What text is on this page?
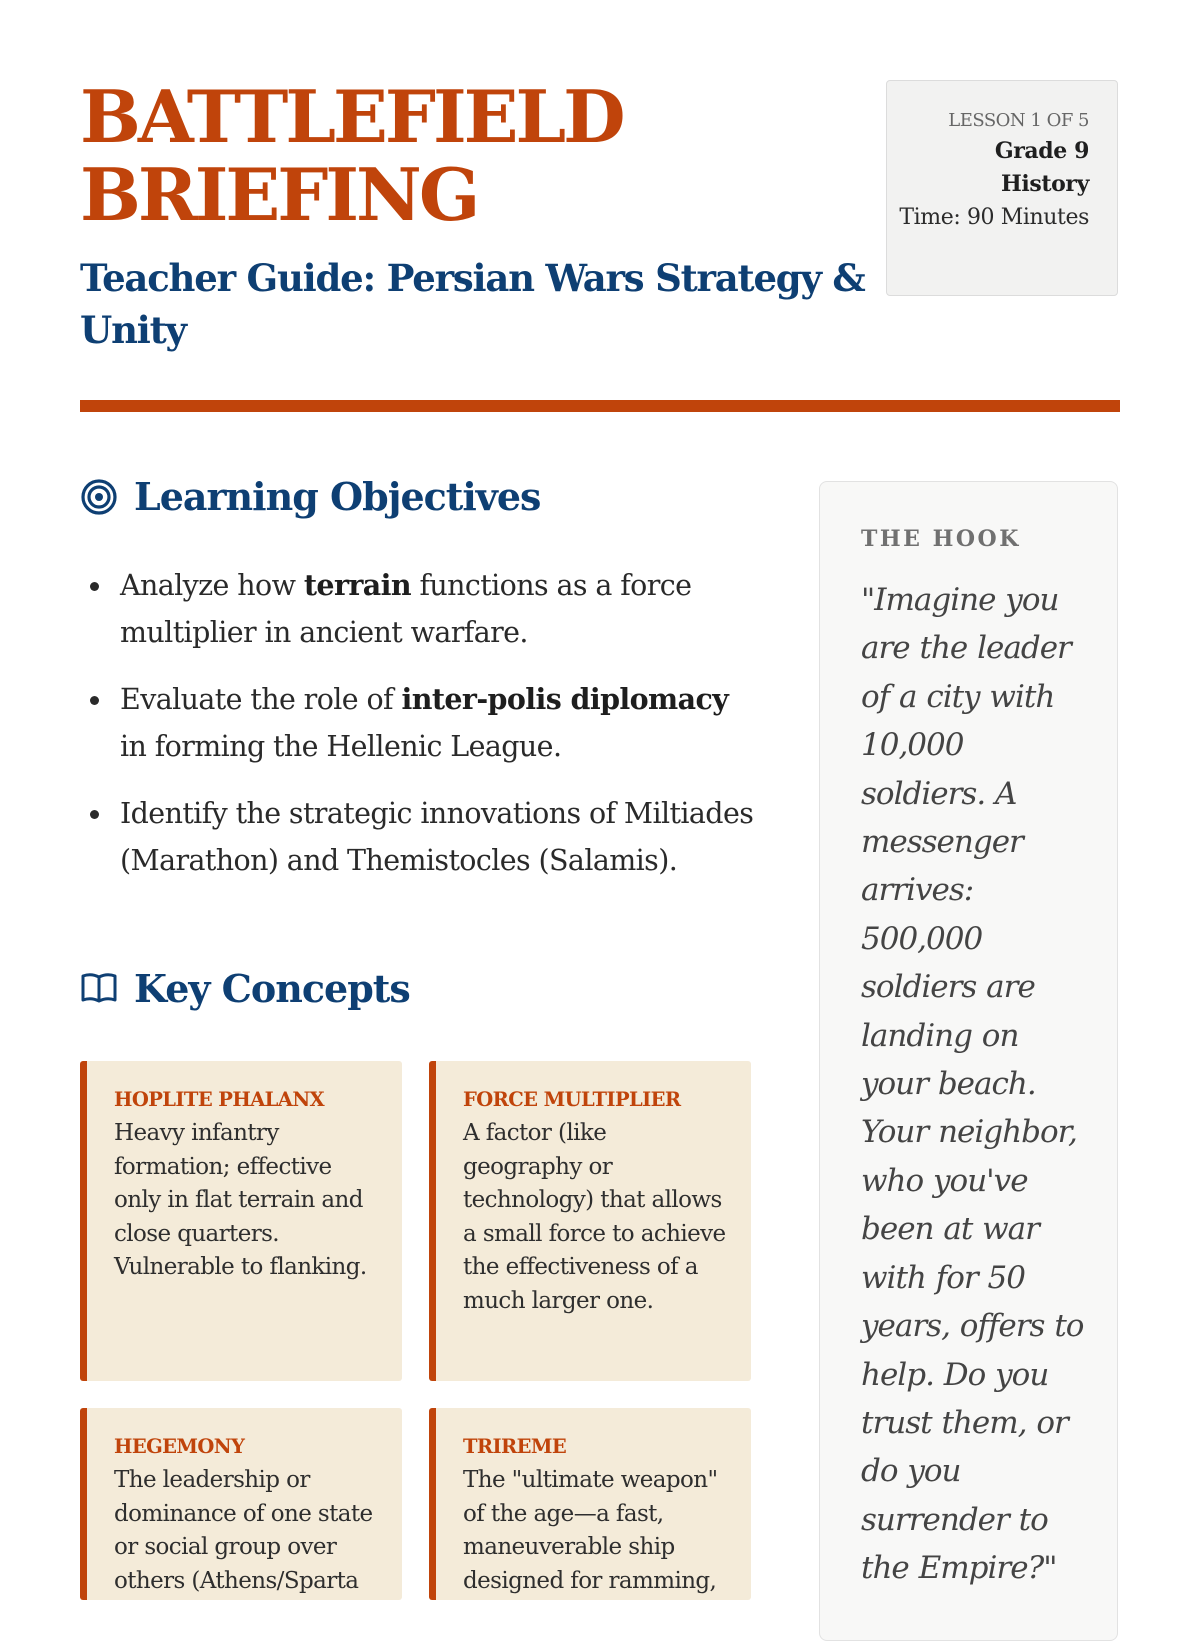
BATTLEFIELD BRIEFING
Teacher Guide: Persian Wars Strategy & Unity
LESSON 1 OF 5
Grade 9
History
Time: 90 Minutes
Learning Objectives
Analyze how terrain functions as a force multiplier in ancient warfare.
Evaluate the role of inter-polis diplomacy in forming the Hellenic League.
Identify the strategic innovations of Miltiades (Marathon) and Themistocles (Salamis).
Key Concepts
HOPLITE PHALANX
Heavy infantry formation; effective only in flat terrain and close quarters. Vulnerable to flanking.
FORCE MULTIPLIER
A factor (like geography or technology) that allows a small force to achieve the effectiveness of a much larger one.
HEGEMONY
The leadership or dominance of one state or social group over others (Athens/Sparta
TRIREME
The "ultimate weapon" of the age—a fast, maneuverable ship designed for ramming,
THE HOOK
"Imagine you are the leader of a city with 10,000 soldiers. A messenger arrives: 500,000 soldiers are landing on your beach. Your neighbor, who you've been at war with for 50 years, offers to help. Do you trust them, or do you surrender to the Empire?"
